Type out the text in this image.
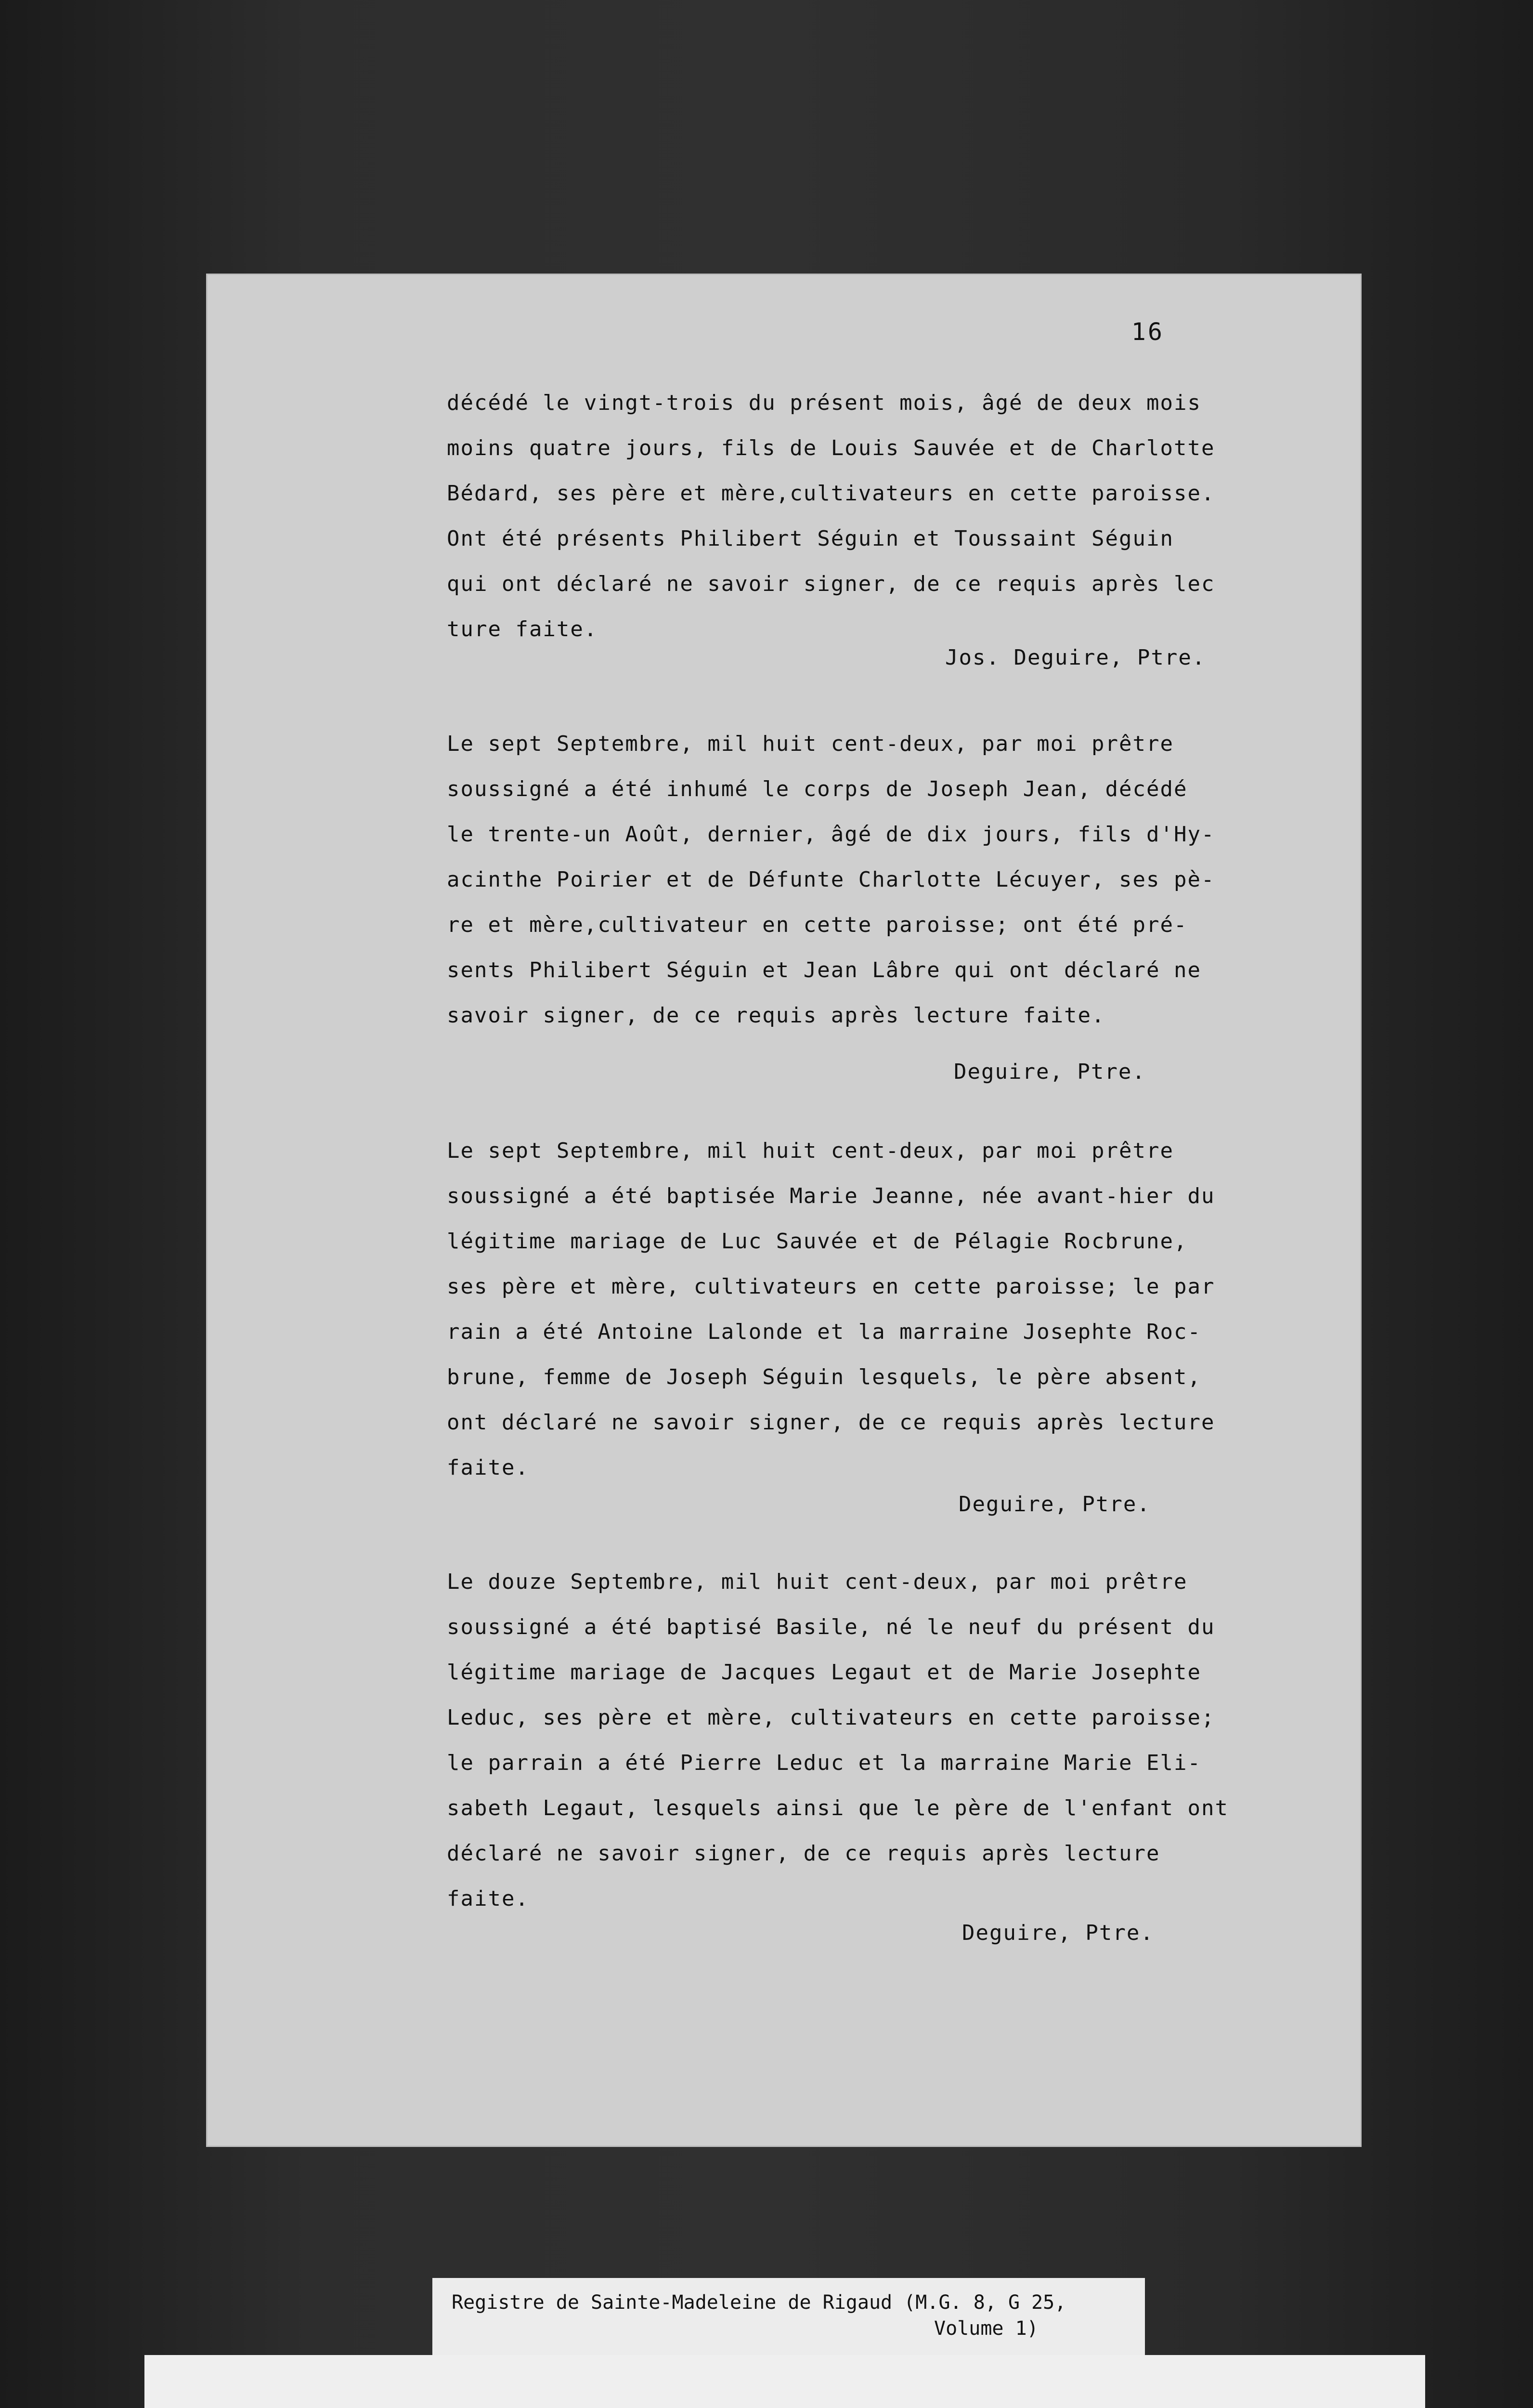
16
décédé le vingt-trois du présent mois, âgé de deux mois
moins quatre jours, fils de Louis Sauvée et de Charlotte
Bédard, ses père et mère,cultivateurs en cette paroisse.
Ont été présents Philibert Séguin et Toussaint Séguin
qui ont déclaré ne savoir signer, de ce requis après lec
ture faite.
Jos. Deguire, Ptre.
Le sept Septembre, mil huit cent-deux, par moi prêtre
soussigné a été inhumé le corps de Joseph Jean, décédé
le trente-un Août, dernier, âgé de dix jours, fils d'Hy-
acinthe Poirier et de Défunte Charlotte Lécuyer, ses pè-
re et mère,cultivateur en cette paroisse; ont été pré-
sents Philibert Séguin et Jean Lâbre qui ont déclaré ne
savoir signer, de ce requis après lecture faite.
Deguire, Ptre.
Le sept Septembre, mil huit cent-deux, par moi prêtre
soussigné a été baptisée Marie Jeanne, née avant-hier du
légitime mariage de Luc Sauvée et de Pélagie Rocbrune,
ses père et mère, cultivateurs en cette paroisse; le par
rain a été Antoine Lalonde et la marraine Josephte Roc-
brune, femme de Joseph Séguin lesquels, le père absent,
ont déclaré ne savoir signer, de ce requis après lecture
faite.
Deguire, Ptre.
Le douze Septembre, mil huit cent-deux, par moi prêtre
soussigné a été baptisé Basile, né le neuf du présent du
légitime mariage de Jacques Legaut et de Marie Josephte
Leduc, ses père et mère, cultivateurs en cette paroisse;
le parrain a été Pierre Leduc et la marraine Marie Eli-
sabeth Legaut, lesquels ainsi que le père de l'enfant ont
déclaré ne savoir signer, de ce requis après lecture
faite.
Deguire, Ptre.
Registre de Sainte-Madeleine de Rigaud (M.G. 8, G 25,
Volume 1)
